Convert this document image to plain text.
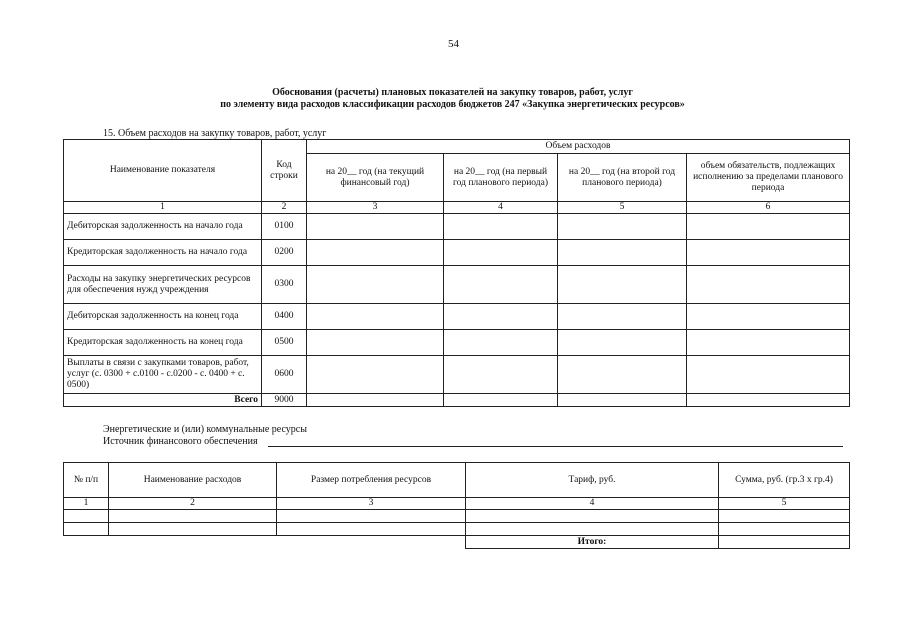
54
Обоснования (расчеты) плановых показателей на закупку товаров, работ, услуг
по элементу вида расходов классификации расходов бюджетов 247 «Закупка энергетических ресурсов»
15. Объем расходов на закупку товаров, работ, услуг
Наименование показателя	Код строки	Объем расходов			
		на 20__ год (на текущий финансовый год)	на 20__ год (на первый год планового периода)	на 20__ год (на второй год планового периода)	объем обязательств, подлежащих исполнению за пределами планового периода
1	2	3	4	5	6
Дебиторская задолженность на начало года	0100				
Кредиторская задолженность на начало года	0200				
Расходы на закупку энергетических ресурсов для обеспечения нужд учреждения	0300				
Дебиторская задолженность на конец года	0400				
Кредиторская задолженность на конец года	0500				
Выплаты в связи с закупками товаров, работ, услуг (с. 0300 + с.0100 - с.0200 - с. 0400 + с. 0500)	0600				
Всего	9000				
Энергетические и (или) коммунальные ресурсы
Источник финансового обеспечения
№ п/п	Наименование расходов	Размер потребления ресурсов	Тариф, руб.	Сумма, руб. (гр.3 х гр.4)
1	2	3	4	5

			Итого:	
